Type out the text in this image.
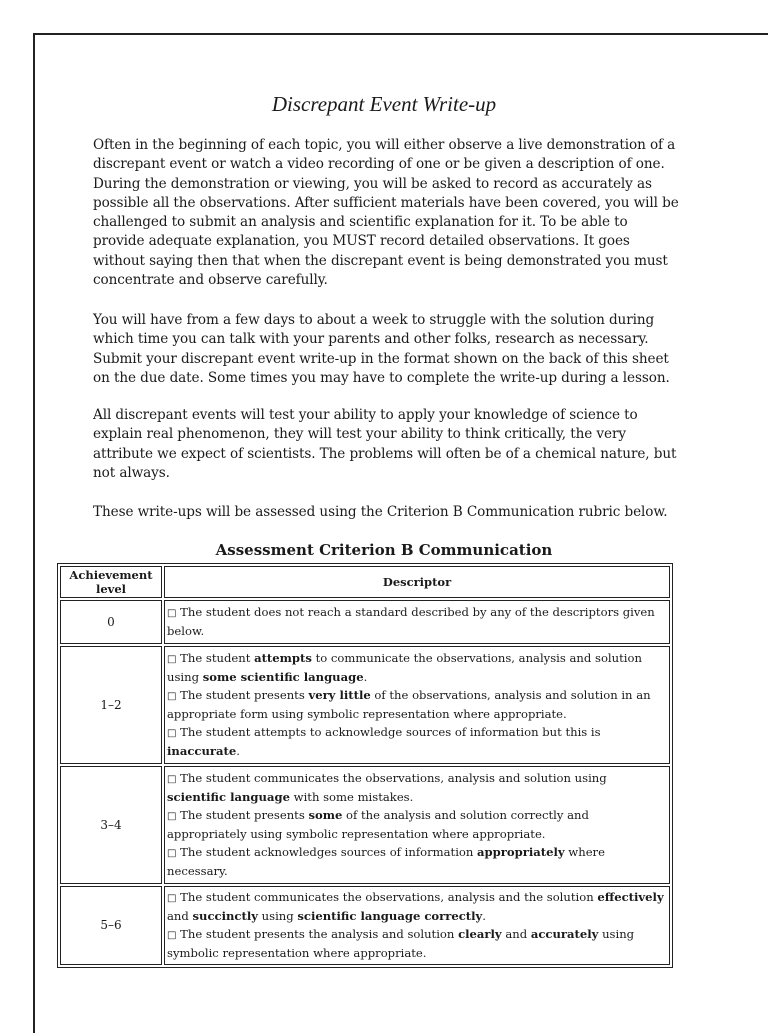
Discrepant Event Write-up

Often in the beginning of each topic, you will either observe a live demonstration of a discrepant event or watch a video recording of one or be given a description of one. During the demonstration or viewing, you will be asked to record as accurately as possible all the observations. After sufficient materials have been covered, you will be challenged to submit an analysis and scientific explanation for it. To be able to provide adequate explanation, you MUST record detailed observations. It goes without saying then that when the discrepant event is being demonstrated you must concentrate and observe carefully.

You will have from a few days to about a week to struggle with the solution during which time you can talk with your parents and other folks, research as necessary. Submit your discrepant event write-up in the format shown on the back of this sheet on the due date. Some times you may have to complete the write-up during a lesson.

All discrepant events will test your ability to apply your knowledge of science to explain real phenomenon, they will test your ability to think critically, the very attribute we expect of scientists. The problems will often be of a chemical nature, but not always.

These write-ups will be assessed using the Criterion B Communication rubric below.

Assessment Criterion B Communication
Achievement level	Descriptor
0	□ The student does not reach a standard described by any of the descriptors given below.

1–2	□ The student attempts to communicate the observations, analysis and solution using some scientific language.
□ The student presents very little of the observations, analysis and solution in an appropriate form using symbolic representation where appropriate.
□ The student attempts to acknowledge sources of information but this is inaccurate.

3–4	□ The student communicates the observations, analysis and solution using scientific language with some mistakes.
□ The student presents some of the analysis and solution correctly and appropriately using symbolic representation where appropriate.
□ The student acknowledges sources of information appropriately where necessary.

5–6	□ The student communicates the observations, analysis and the solution effectively and succinctly using scientific language correctly.
□ The student presents the analysis and solution clearly and accurately using symbolic representation where appropriate.
